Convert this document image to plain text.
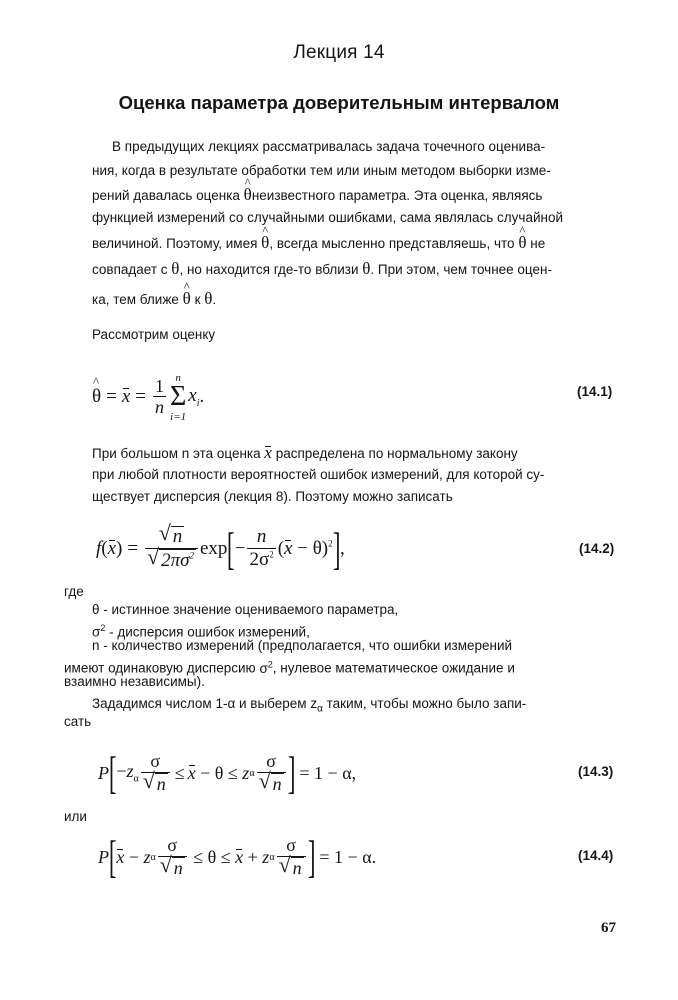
Лекция 14
Оценка параметра доверительным интервалом
В предыдущих лекциях рассматривалась задача точечного оценива-
ния, когда в результате обработки тем или иным методом выборки изме-
рений давалась оценка ^ θнеизвестного параметра. Эта оценка, являясь
функцией измерений со случайными ошибками, сама являлась случайной
величиной. Поэтому, имея ^ θ, всегда мысленно представляешь, что ^ θ не
совпадает с θ, но находится где-то вблизи θ. При этом, чем точнее оцен-
ка, тем ближе ^ θ к θ.
Рассмотрим оценку
^ $\theta = x = \frac{1}{n}$ n
Σ
i=1
$x_i$ .	(14.1)
При большом n эта оценка x распределена по нормальному закону
при любой плотности вероятностей ошибок измерений, для которой су-
ществует дисперсия (лекция 8). Поэтому можно записать
f ( x ) = √ n
√ $2\pi\sigma^2$ exp [ − $\frac{n}{2\sigma^2}$ ( x − θ)$^2$ ] ,	(14.2)
где
θ - истинное значение оцениваемого параметра,
$\sigma^2$ - дисперсия ошибок измерений,
n - количество измерений (предполагается, что ошибки измерений
имеют одинаковую дисперсию $\sigma^2$, нулевое математическое ожидание и
взаимно независимы).
Зададимся числом 1-α и выберем $z_\alpha$ таким, чтобы можно было запи-
сать
P [ $-z_\alpha$ σ
√ n ≤ x − θ ≤ z α σ
√ n ] = 1 − α,	(14.3)
или
P [ x − z α σ
√ n ≤ θ ≤ x + z α σ
√ n ] = 1 − α.	(14.4)
67
